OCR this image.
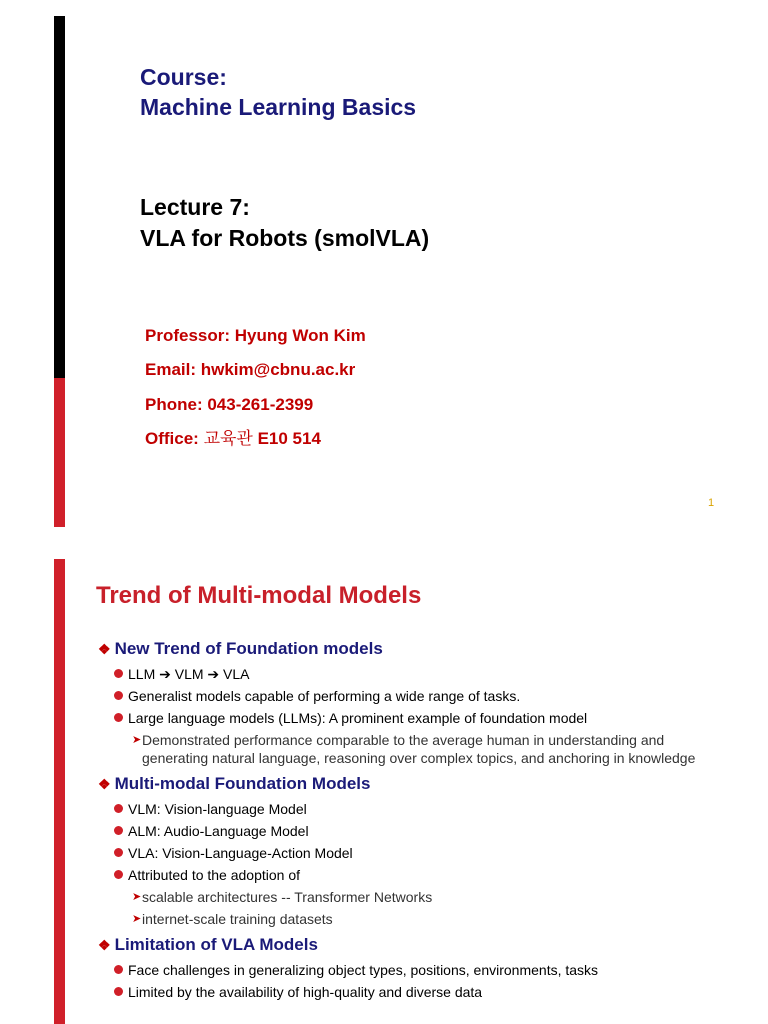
Course:
Machine Learning Basics
Lecture 7:
VLA for Robots (smolVLA)
Professor: Hyung Won Kim
Email: hwkim@cbnu.ac.kr
Phone: 043-261-2399
Office: 교육관 E10 514
1
Trend of Multi-modal Models
❖ New Trend of Foundation models
LLM ➔ VLM ➔ VLA
Generalist models capable of performing a wide range of tasks.
Large language models (LLMs): A prominent example of foundation model
➤ Demonstrated performance comparable to the average human in understanding and generating natural language, reasoning over complex topics, and anchoring in knowledge
❖ Multi-modal Foundation Models
VLM: Vision-language Model
ALM: Audio-Language Model
VLA: Vision-Language-Action Model
Attributed to the adoption of
➤ scalable architectures -- Transformer Networks
➤ internet-scale training datasets
❖ Limitation of VLA Models
Face challenges in generalizing object types, positions, environments, tasks
Limited by the availability of high-quality and diverse data
